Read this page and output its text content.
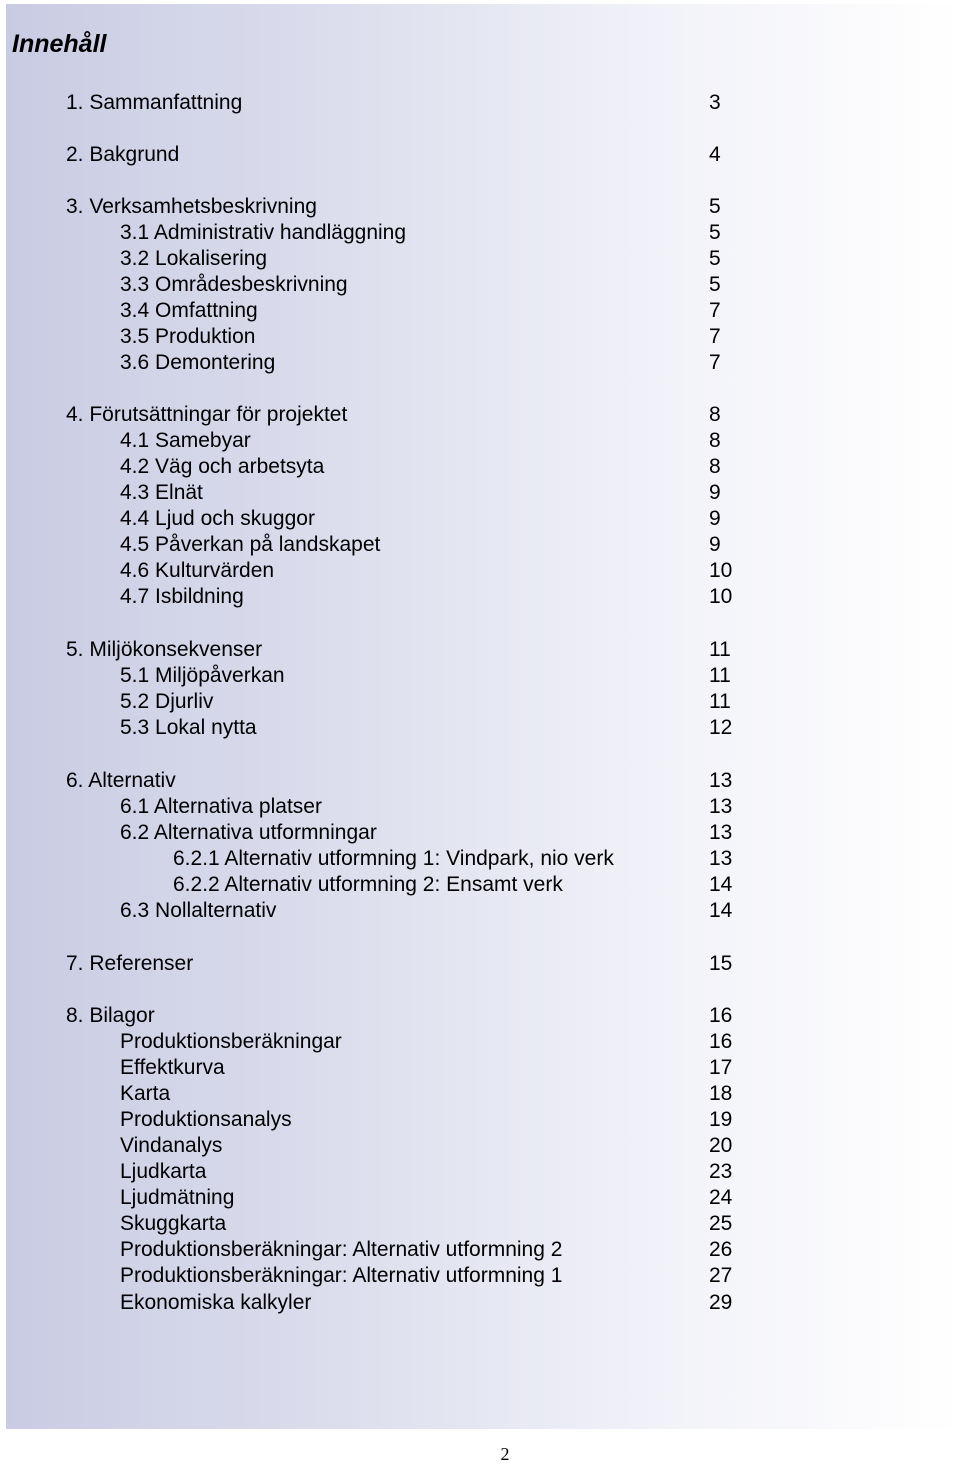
Innehåll
1. Sammanfattning	3
2. Bakgrund	4
3. Verksamhetsbeskrivning	5
3.1 Administrativ handläggning	5
3.2 Lokalisering	5
3.3 Områdesbeskrivning	5
3.4 Omfattning	7
3.5 Produktion	7
3.6 Demontering	7
4. Förutsättningar för projektet	8
4.1 Samebyar	8
4.2 Väg och arbetsyta	8
4.3 Elnät	9
4.4 Ljud och skuggor	9
4.5 Påverkan på landskapet	9
4.6 Kulturvärden	10
4.7 Isbildning	10
5. Miljökonsekvenser	11
5.1 Miljöpåverkan	11
5.2 Djurliv	11
5.3 Lokal nytta	12
6. Alternativ	13
6.1 Alternativa platser	13
6.2 Alternativa utformningar	13
6.2.1 Alternativ utformning 1: Vindpark, nio verk	13
6.2.2 Alternativ utformning 2: Ensamt verk	14
6.3 Nollalternativ	14
7. Referenser	15
8. Bilagor	16
Produktionsberäkningar	16
Effektkurva	17
Karta	18
Produktionsanalys	19
Vindanalys	20
Ljudkarta	23
Ljudmätning	24
Skuggkarta	25
Produktionsberäkningar: Alternativ utformning 2	26
Produktionsberäkningar: Alternativ utformning 1	27
Ekonomiska kalkyler	29
2
